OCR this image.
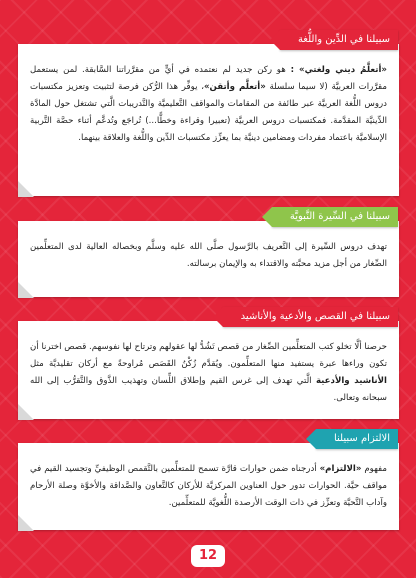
«أتعلَّمُ ديني ولغتي» : هو ركن جديد لم نعتمده في أيٍّ من مقرَّراتنا السَّابقة. لمن يستعمل مقرَّرات العربيَّة (لا سيما سلسلة «أتعلَّم وأتقن»، يوفِّر هذا الرُّكن فرصة لتثبيت وتعزيز مكتسبات دروس اللُّغة العربيَّة عبر طائفة من المقامات والمواقف التَّعليميَّة والتَّدريبات الَّتي تشتغل حول المادَّة الدِّينيَّة المقدَّمة. فمكتسبات دروس العربيَّة (تعبيرا وقراءة وخطًّا...) تُراجَع وتُدعَّم أثناء حصَّة التَّربية الإسلاميَّة باعتماد مفردات ومضامين دينيَّة بما يعزِّز مكتسبات الدِّين واللُّغة والعلاقة بينهما.
سبيلنا في الدِّين واللُّغة
تهدف دروس السِّيرة إلى التَّعريف بالرَّسول صلَّى الله عليه وسلَّم وبخصاله العالية لدى المتعلِّمين الصِّغار من أجل مزيد محبَّته والاقتداء به والإيمان برسالته.
سبيلنا في السِّيرة النَّبويَّة
حرصنا ألَّا تخلو كتب المتعلِّمين الصِّغار من قصص تَشُدُّ لها عقولهم وترتاح لها نفوسهم. قصص اخترنا أن تكون وراءها عبرة يستفيد منها المتعلِّمون. ويُقدَّم زُكْنُ القَصَص مُراوحةً مع أركان تقليديَّة مثل الأناشيد والأدعية الَّتي تهدف إلى غرس القيم وإطلاق اللِّسان وتهذيب الذَّوق والتَّقرُّب إلى الله سبحانه وتعالى.
سبيلنا في القصص والأدعية والأناشيد
مفهوم «الالتزام» أدرجناه ضمن حوارات قارَّة تسمح للمتعلِّمين بالتَّقمص الوظيفيِّ وتجسيد القيم في مواقف حيَّة. الحوارات تدور حول العناوين المركزيَّة للأركان كالتَّعاون والصَّداقة والأخوَّة وصلة الأرحام وآداب التَّحيَّة وتعزِّز في ذات الوقت الأرصدة اللُّغويَّة للمتعلِّمين.
الالتزام سبيلنا
12
